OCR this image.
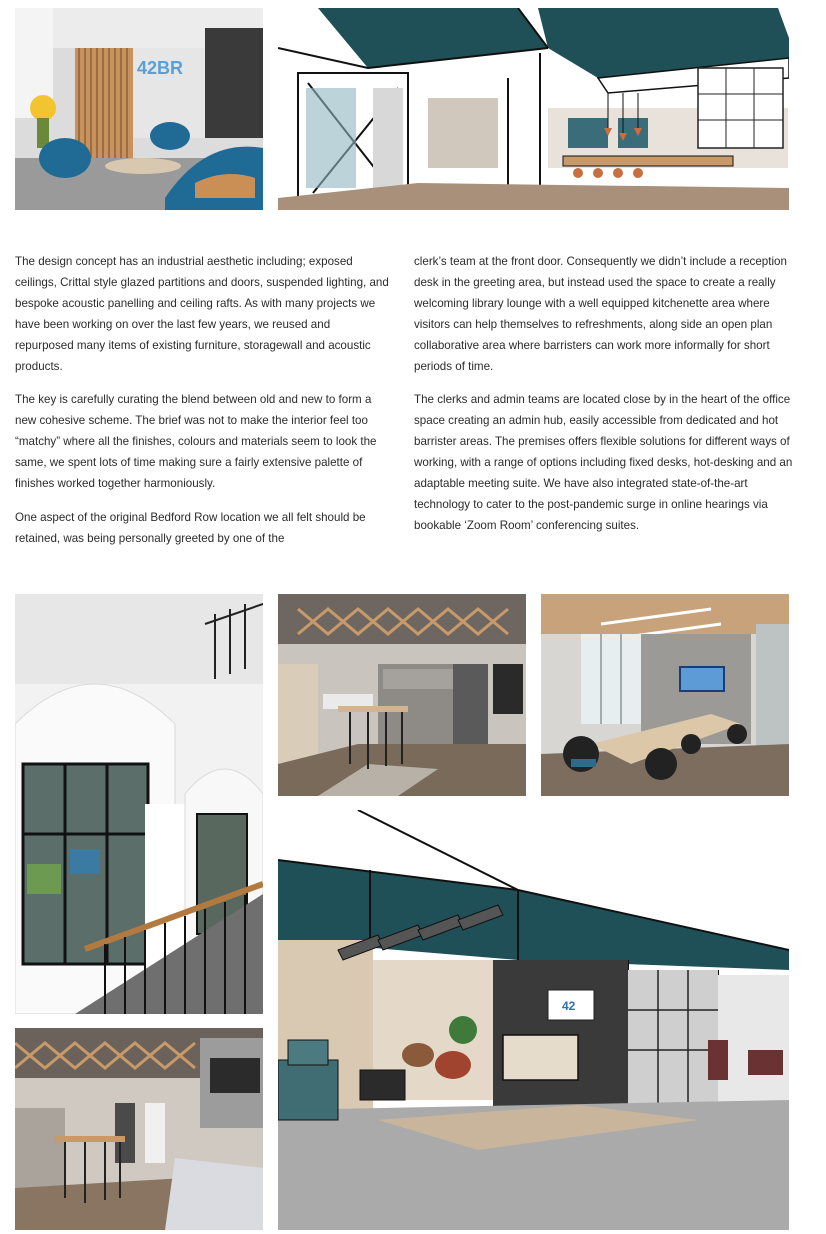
42BR

The design concept has an industrial aesthetic including; exposed ceilings, Crittal style glazed partitions and doors, suspended lighting, and bespoke acoustic panelling and ceiling rafts. As with many projects we have been working on over the last few years, we reused and repurposed many items of existing furniture, storagewall and acoustic products.

The key is carefully curating the blend between old and new to form a new cohesive scheme. The brief was not to make the interior feel too “matchy” where all the finishes, colours and materials seem to look the same, we spent lots of time making sure a fairly extensive palette of finishes worked together harmoniously.

One aspect of the original Bedford Row location we all felt should be retained, was being personally greeted by one of the

clerk’s team at the front door. Consequently we didn’t include a reception desk in the greeting area, but instead used the space to create a really welcoming library lounge with a well equipped kitchenette area where visitors can help themselves to refreshments, along side an open plan collaborative area where barristers can work more informally for short periods of time.

The clerks and admin teams are located close by in the heart of the office space creating an admin hub, easily accessible from dedicated and hot barrister areas. The premises offers flexible solutions for different ways of working, with a range of options including fixed desks, hot-desking and an adaptable meeting suite. We have also integrated state-of-the-art technology to cater to the post-pandemic surge in online hearings via bookable ‘Zoom Room’ conferencing suites.

42
